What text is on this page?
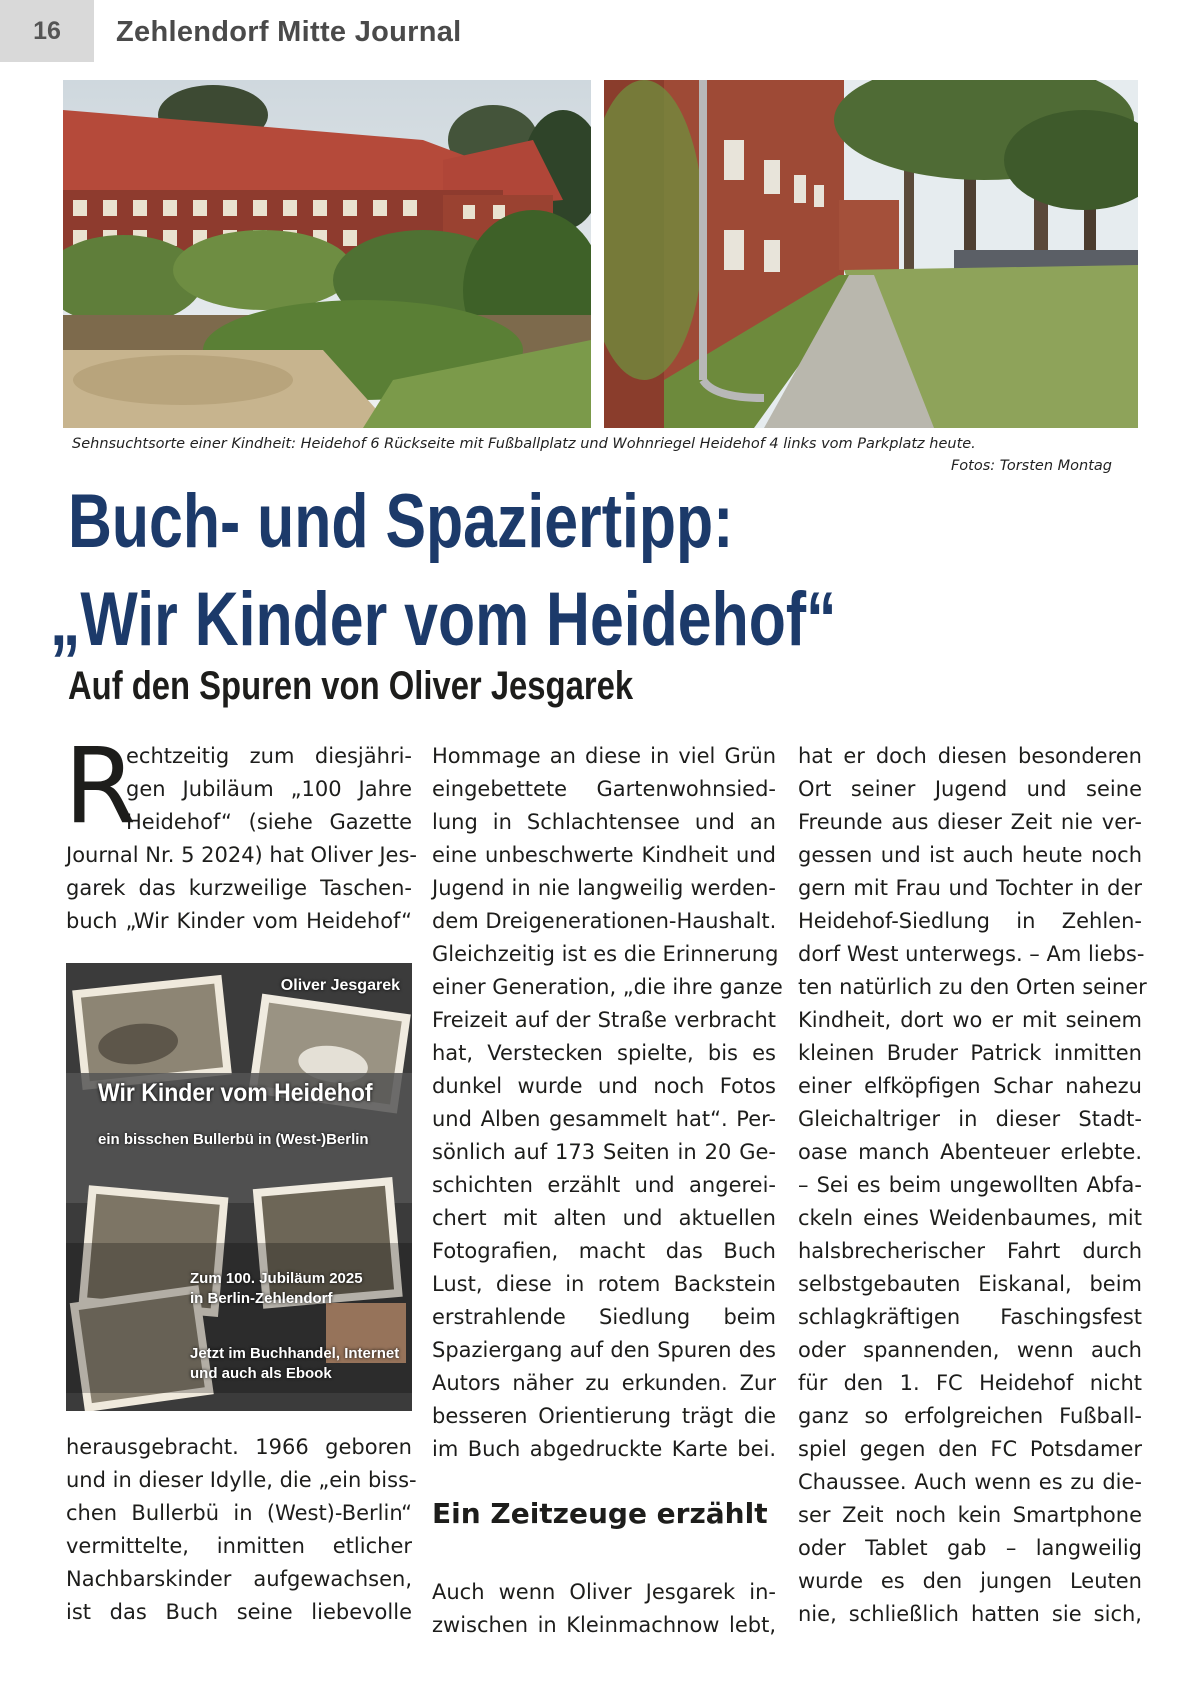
16	Zehlendorf Mitte Journal
Sehnsuchtsorte einer Kindheit: Heidehof 6 Rückseite mit Fußballplatz und Wohnriegel Heidehof 4 links vom Parkplatz heute.
Fotos: Torsten Montag
Buch- und Spaziertipp:
„Wir Kinder vom Heidehof“
Auf den Spuren von Oliver Jesgarek
R
echtzeitig zum diesjähri-
gen Jubiläum „100 Jahre
Heidehof“ (siehe Gazette
Journal Nr. 5 2024) hat Oliver Jes-
garek das kurzweilige Taschen-
buch „Wir Kinder vom Heidehof“
Oliver Jesgarek
Wir Kinder vom Heidehof
ein bisschen Bullerbü in (West-)Berlin
Zum 100. Jubiläum 2025
in Berlin-Zehlendorf
Jetzt im Buchhandel, Internet
und auch als Ebook
herausgebracht. 1966 geboren
und in dieser Idylle, die „ein biss-
chen Bullerbü in (West)-Berlin“
vermittelte, inmitten etlicher
Nachbarskinder aufgewachsen,
ist das Buch seine liebevolle
Hommage an diese in viel Grün
eingebettete Gartenwohnsied-
lung in Schlachtensee und an
eine unbeschwerte Kindheit und
Jugend in nie langweilig werden-
dem Dreigenerationen-Haushalt.
Gleichzeitig ist es die Erinnerung
einer Generation, „die ihre ganze
Freizeit auf der Straße verbracht
hat, Verstecken spielte, bis es
dunkel wurde und noch Fotos
und Alben gesammelt hat“. Per-
sönlich auf 173 Seiten in 20 Ge-
schichten erzählt und angerei-
chert mit alten und aktuellen
Fotografien, macht das Buch
Lust, diese in rotem Backstein
erstrahlende Siedlung beim
Spaziergang auf den Spuren des
Autors näher zu erkunden. Zur
besseren Orientierung trägt die
im Buch abgedruckte Karte bei.
Ein Zeitzeuge erzählt
Auch wenn Oliver Jesgarek in-
zwischen in Kleinmachnow lebt,
hat er doch diesen besonderen
Ort seiner Jugend und seine
Freunde aus dieser Zeit nie ver-
gessen und ist auch heute noch
gern mit Frau und Tochter in der
Heidehof-Siedlung in Zehlen-
dorf West unterwegs. – Am liebs-
ten natürlich zu den Orten seiner
Kindheit, dort wo er mit seinem
kleinen Bruder Patrick inmitten
einer elfköpfigen Schar nahezu
Gleichaltriger in dieser Stadt-
oase manch Abenteuer erlebte.
– Sei es beim ungewollten Abfa-
ckeln eines Weidenbaumes, mit
halsbrecherischer Fahrt durch
selbstgebauten Eiskanal, beim
schlagkräftigen Faschingsfest
oder spannenden, wenn auch
für den 1. FC Heidehof nicht
ganz so erfolgreichen Fußball-
spiel gegen den FC Potsdamer
Chaussee. Auch wenn es zu die-
ser Zeit noch kein Smartphone
oder Tablet gab – langweilig
wurde es den jungen Leuten
nie, schließlich hatten sie sich,
